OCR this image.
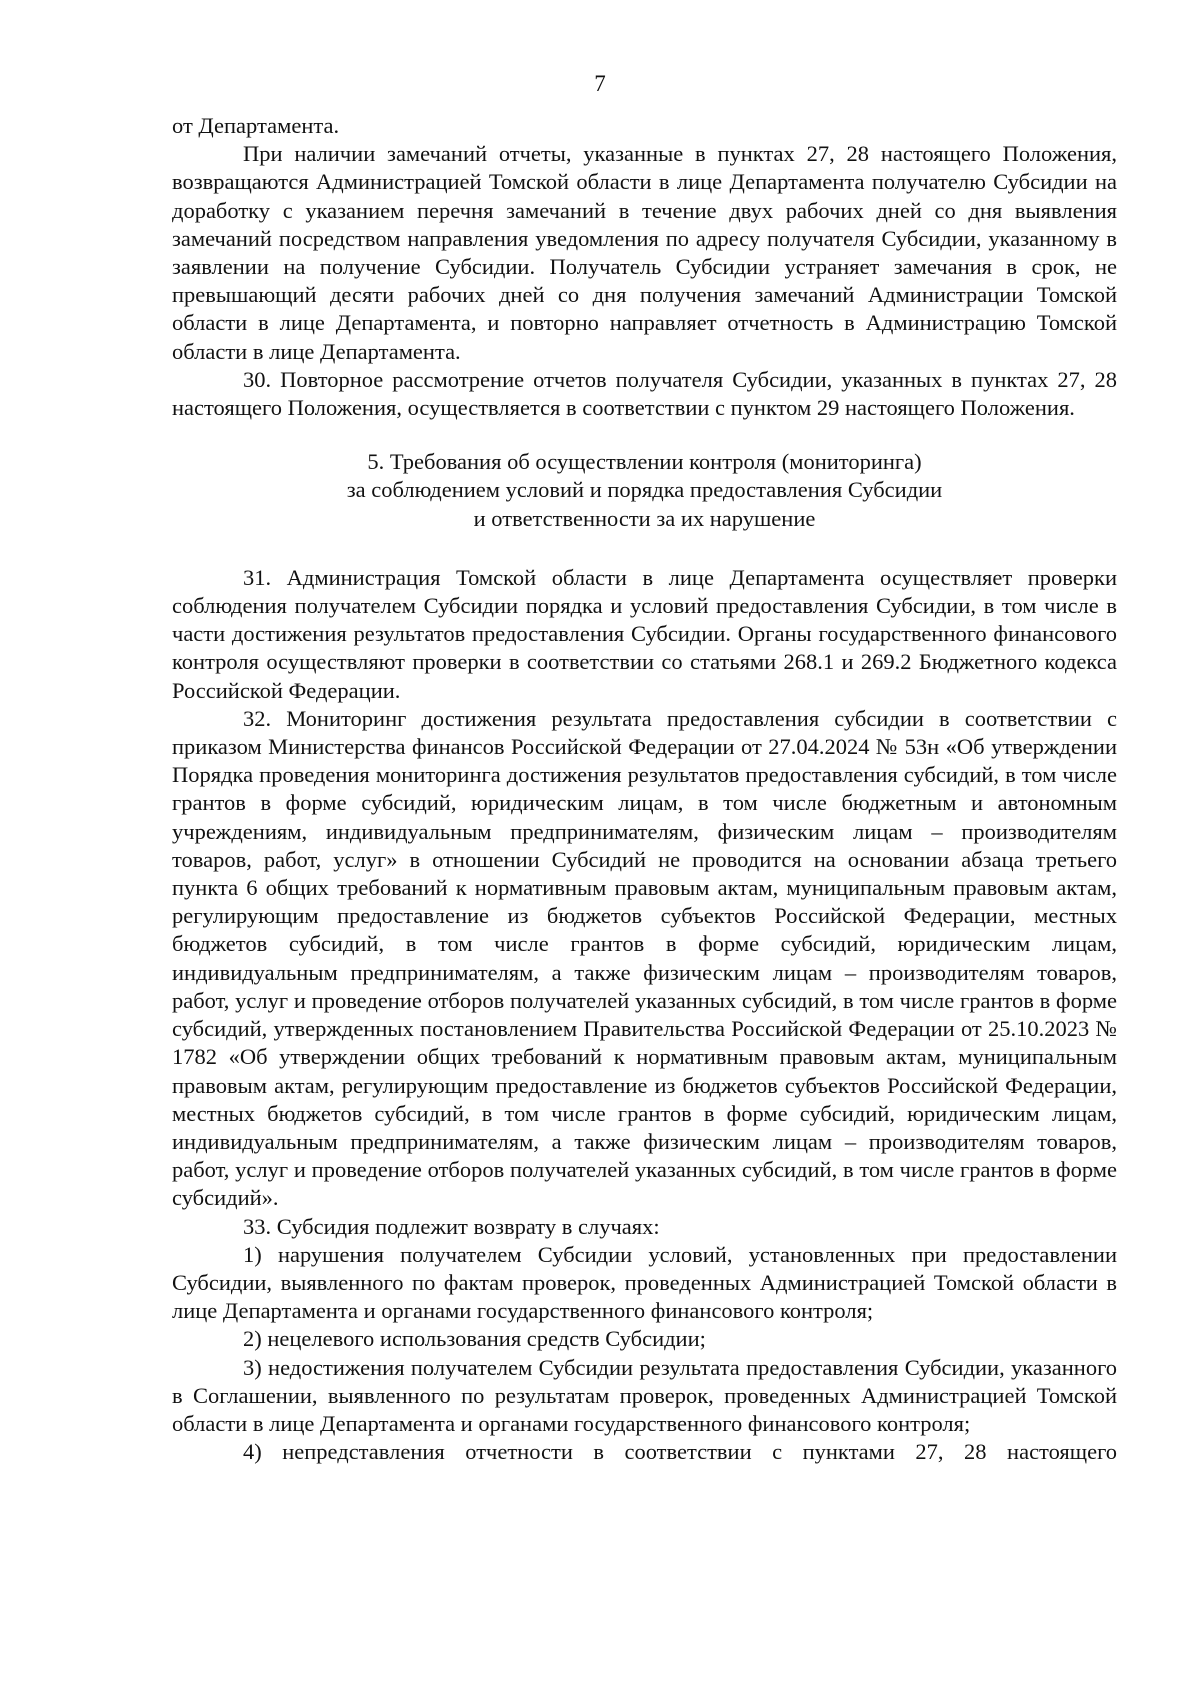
7

от Департамента.

При наличии замечаний отчеты, указанные в пунктах 27, 28 настоящего Положения, возвращаются Администрацией Томской области в лице Департамента получателю Субсидии на доработку с указанием перечня замечаний в течение двух рабочих дней со дня выявления замечаний посредством направления уведомления по адресу получателя Субсидии, указанному в заявлении на получение Субсидии. Получатель Субсидии устраняет замечания в срок, не превышающий десяти рабочих дней со дня получения замечаний Администрации Томской области в лице Департамента, и повторно направляет отчетность в Администрацию Томской области в лице Департамента.

30. Повторное рассмотрение отчетов получателя Субсидии, указанных в пунктах 27, 28 настоящего Положения, осуществляется в соответствии с пунктом 29 настоящего Положения.

5. Требования об осуществлении контроля (мониторинга)
за соблюдением условий и порядка предоставления Субсидии
и ответственности за их нарушение

31. Администрация Томской области в лице Департамента осуществляет проверки соблюдения получателем Субсидии порядка и условий предоставления Субсидии, в том числе в части достижения результатов предоставления Субсидии. Органы государственного финансового контроля осуществляют проверки в соответствии со статьями 268.1 и 269.2 Бюджетного кодекса Российской Федерации.

32. Мониторинг достижения результата предоставления субсидии в соответствии с приказом Министерства финансов Российской Федерации от 27.04.2024 № 53н «Об утверждении Порядка проведения мониторинга достижения результатов предоставления субсидий, в том числе грантов в форме субсидий, юридическим лицам, в том числе бюджетным и автономным учреждениям, индивидуальным предпринимателям, физическим лицам – производителям товаров, работ, услуг» в отношении Субсидий не проводится на основании абзаца третьего пункта 6 общих требований к нормативным правовым актам, муниципальным правовым актам, регулирующим предоставление из бюджетов субъектов Российской Федерации, местных бюджетов субсидий, в том числе грантов в форме субсидий, юридическим лицам, индивидуальным предпринимателям, а также физическим лицам – производителям товаров, работ, услуг и проведение отборов получателей указанных субсидий, в том числе грантов в форме субсидий, утвержденных постановлением Правительства Российской Федерации от 25.10.2023 № 1782 «Об утверждении общих требований к нормативным правовым актам, муниципальным правовым актам, регулирующим предоставление из бюджетов субъектов Российской Федерации, местных бюджетов субсидий, в том числе грантов в форме субсидий, юридическим лицам, индивидуальным предпринимателям, а также физическим лицам – производителям товаров, работ, услуг и проведение отборов получателей указанных субсидий, в том числе грантов в форме субсидий».

33. Субсидия подлежит возврату в случаях:

1) нарушения получателем Субсидии условий, установленных при предоставлении Субсидии, выявленного по фактам проверок, проведенных Администрацией Томской области в лице Департамента и органами государственного финансового контроля;

2) нецелевого использования средств Субсидии;

3) недостижения получателем Субсидии результата предоставления Субсидии, указанного в Соглашении, выявленного по результатам проверок, проведенных Администрацией Томской области в лице Департамента и органами государственного финансового контроля;

4) непредставления отчетности в соответствии с пунктами 27, 28 настоящего
